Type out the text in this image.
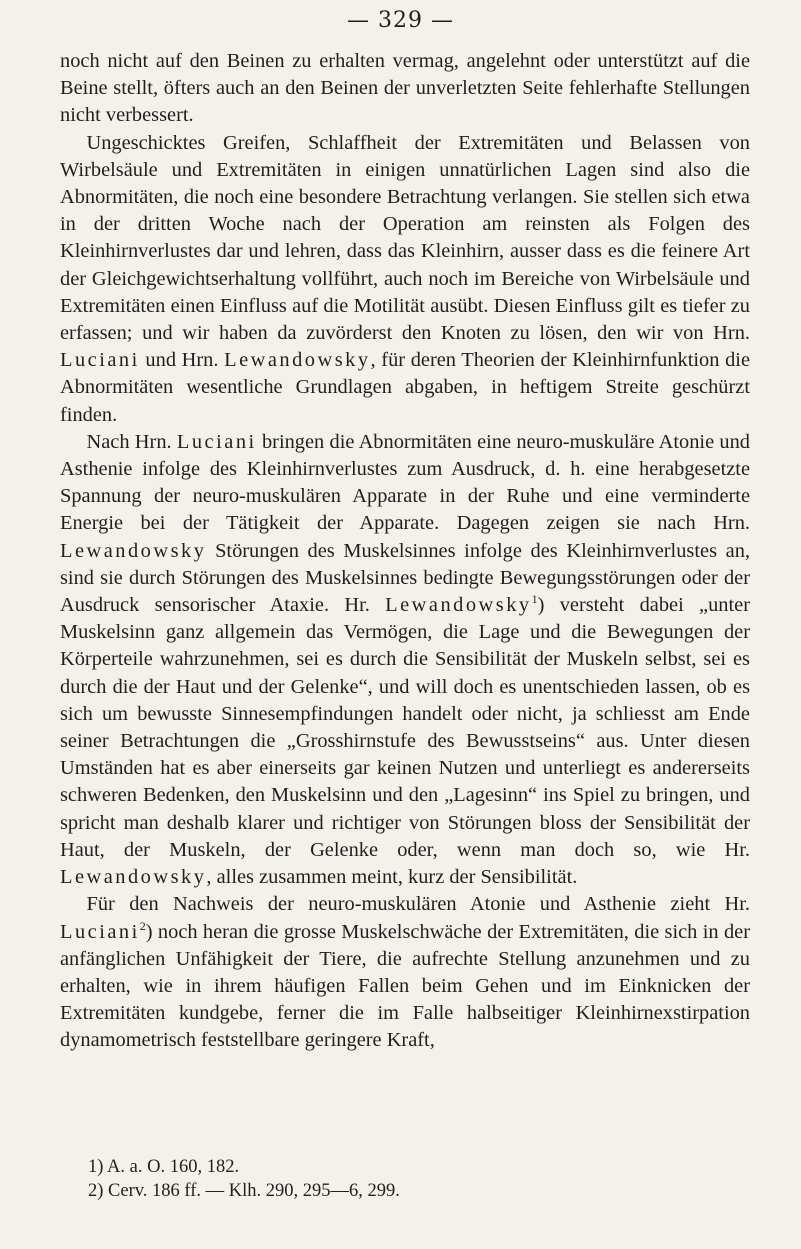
— 329 —

noch nicht auf den Beinen zu erhalten vermag, angelehnt oder unterstützt auf die Beine stellt, öfters auch an den Beinen der unverletzten Seite fehlerhafte Stellungen nicht verbessert.

Ungeschicktes Greifen, Schlaffheit der Extremitäten und Belassen von Wirbelsäule und Extremitäten in einigen unnatürlichen Lagen sind also die Abnormitäten, die noch eine besondere Betrachtung verlangen. Sie stellen sich etwa in der dritten Woche nach der Operation am reinsten als Folgen des Kleinhirnverlustes dar und lehren, dass das Kleinhirn, ausser dass es die feinere Art der Gleichgewichtserhaltung vollführt, auch noch im Bereiche von Wirbelsäule und Extremitäten einen Einfluss auf die Motilität ausübt. Diesen Einfluss gilt es tiefer zu erfassen; und wir haben da zuvörderst den Knoten zu lösen, den wir von Hrn. Luciani und Hrn. Lewandowsky, für deren Theorien der Kleinhirnfunktion die Abnormitäten wesentliche Grundlagen abgaben, in heftigem Streite geschürzt finden.

Nach Hrn. Luciani bringen die Abnormitäten eine neuro-muskuläre Atonie und Asthenie infolge des Kleinhirnverlustes zum Ausdruck, d. h. eine herabgesetzte Spannung der neuro-muskulären Apparate in der Ruhe und eine verminderte Energie bei der Tätigkeit der Apparate. Dagegen zeigen sie nach Hrn. Lewandowsky Störungen des Muskelsinnes infolge des Kleinhirnverlustes an, sind sie durch Störungen des Muskelsinnes bedingte Bewegungsstörungen oder der Ausdruck sensorischer Ataxie. Hr. Lewandowsky$^1$) versteht dabei „unter Muskelsinn ganz allgemein das Vermögen, die Lage und die Bewegungen der Körperteile wahrzunehmen, sei es durch die Sensibilität der Muskeln selbst, sei es durch die der Haut und der Gelenke“, und will doch es unentschieden lassen, ob es sich um bewusste Sinnesempfindungen handelt oder nicht, ja schliesst am Ende seiner Betrachtungen die „Grosshirnstufe des Bewusstseins“ aus. Unter diesen Umständen hat es aber einerseits gar keinen Nutzen und unterliegt es andererseits schweren Bedenken, den Muskelsinn und den „Lagesinn“ ins Spiel zu bringen, und spricht man deshalb klarer und richtiger von Störungen bloss der Sensibilität der Haut, der Muskeln, der Gelenke oder, wenn man doch so, wie Hr. Lewandowsky, alles zusammen meint, kurz der Sensibilität.

Für den Nachweis der neuro-muskulären Atonie und Asthenie zieht Hr. Luciani$^2$) noch heran die grosse Muskelschwäche der Extremitäten, die sich in der anfänglichen Unfähigkeit der Tiere, die aufrechte Stellung anzunehmen und zu erhalten, wie in ihrem häufigen Fallen beim Gehen und im Einknicken der Extremitäten kundgebe, ferner die im Falle halbseitiger Kleinhirnexstirpation dynamometrisch feststellbare geringere Kraft,

1) A. a. O. 160, 182.
2) Cerv. 186 ff. — Klh. 290, 295—6, 299.
